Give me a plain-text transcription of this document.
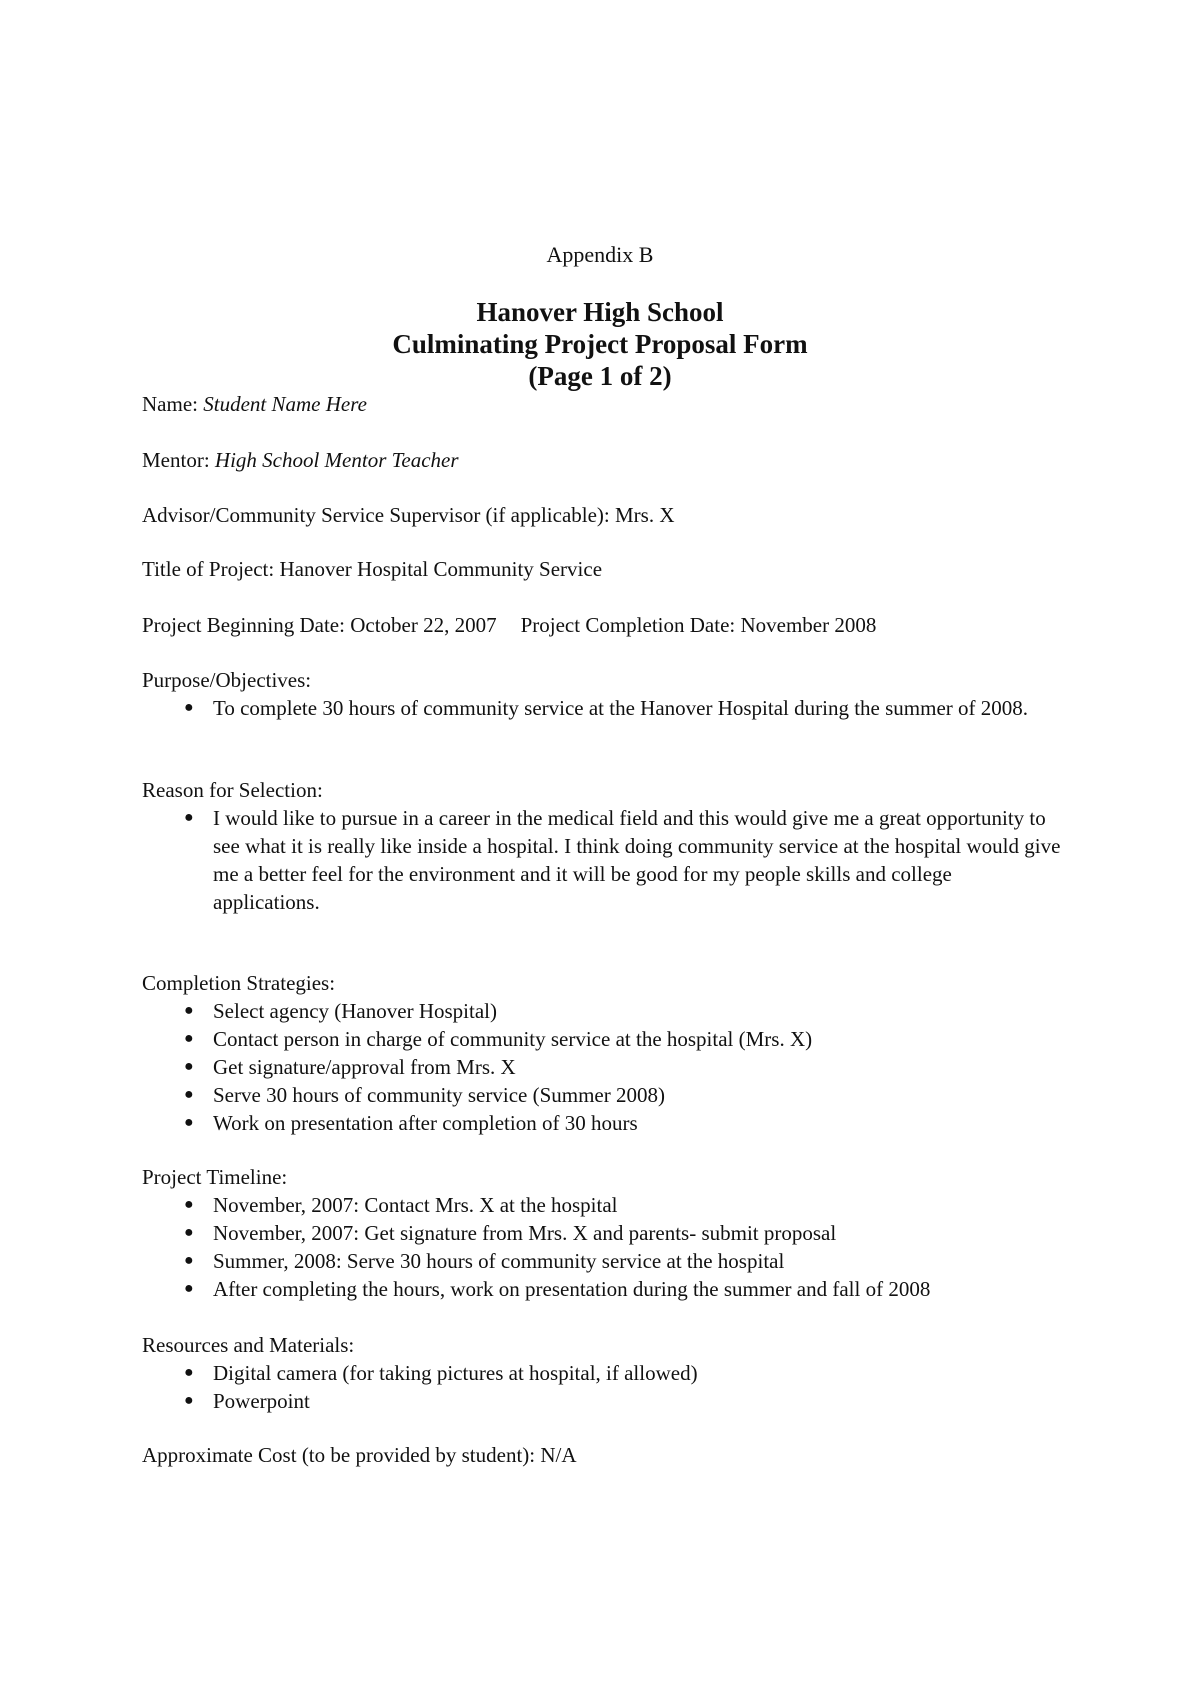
Appendix B
Hanover High School
Culminating Project Proposal Form
(Page 1 of 2)
Name: Student Name Here
Mentor: High School Mentor Teacher
Advisor/Community Service Supervisor (if applicable): Mrs. X
Title of Project: Hanover Hospital Community Service
Project Beginning Date: October 22, 2007 Project Completion Date: November 2008
Purpose/Objectives:
● To complete 30 hours of community service at the Hanover Hospital during the summer of 2008.
Reason for Selection:
● I would like to pursue in a career in the medical field and this would give me a great opportunity to see what it is really like inside a hospital. I think doing community service at the hospital would give me a better feel for the environment and it will be good for my people skills and college applications.
Completion Strategies:
● Select agency (Hanover Hospital)
● Contact person in charge of community service at the hospital (Mrs. X)
● Get signature/approval from Mrs. X
● Serve 30 hours of community service (Summer 2008)
● Work on presentation after completion of 30 hours
Project Timeline:
● November, 2007: Contact Mrs. X at the hospital
● November, 2007: Get signature from Mrs. X and parents- submit proposal
● Summer, 2008: Serve 30 hours of community service at the hospital
● After completing the hours, work on presentation during the summer and fall of 2008
Resources and Materials:
● Digital camera (for taking pictures at hospital, if allowed)
● Powerpoint
Approximate Cost (to be provided by student): N/A
